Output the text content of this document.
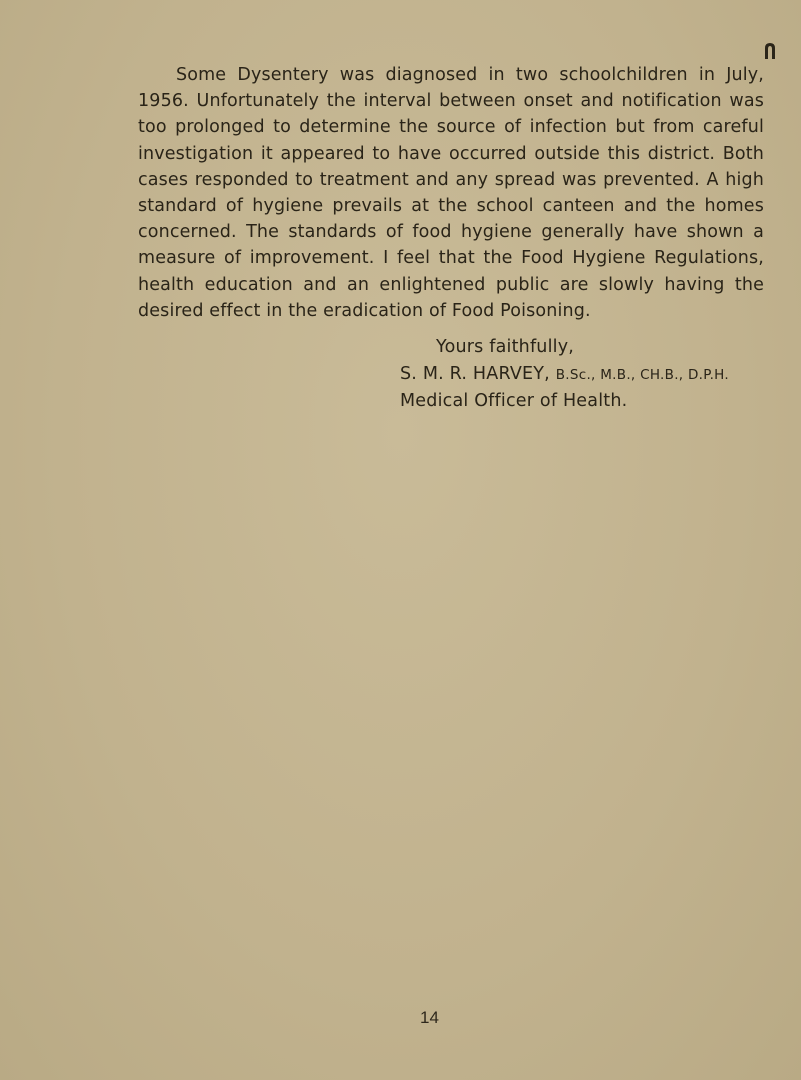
Some Dysentery was diagnosed in two schoolchildren in July, 1956. Unfortunately the interval between onset and notification was too prolonged to determine the source of infection but from careful investigation it appeared to have occurred outside this district. Both cases responded to treatment and any spread was prevented. A high standard of hygiene prevails at the school canteen and the homes concerned. The standards of food hygiene generally have shown a measure of improvement. I feel that the Food Hygiene Regulations, health education and an enlightened public are slowly having the desired effect in the eradication of Food Poisoning.

Yours faithfully,

S. M. R. HARVEY, B.Sc., M.B., CH.B., D.P.H.
Medical Officer of Health.
14
